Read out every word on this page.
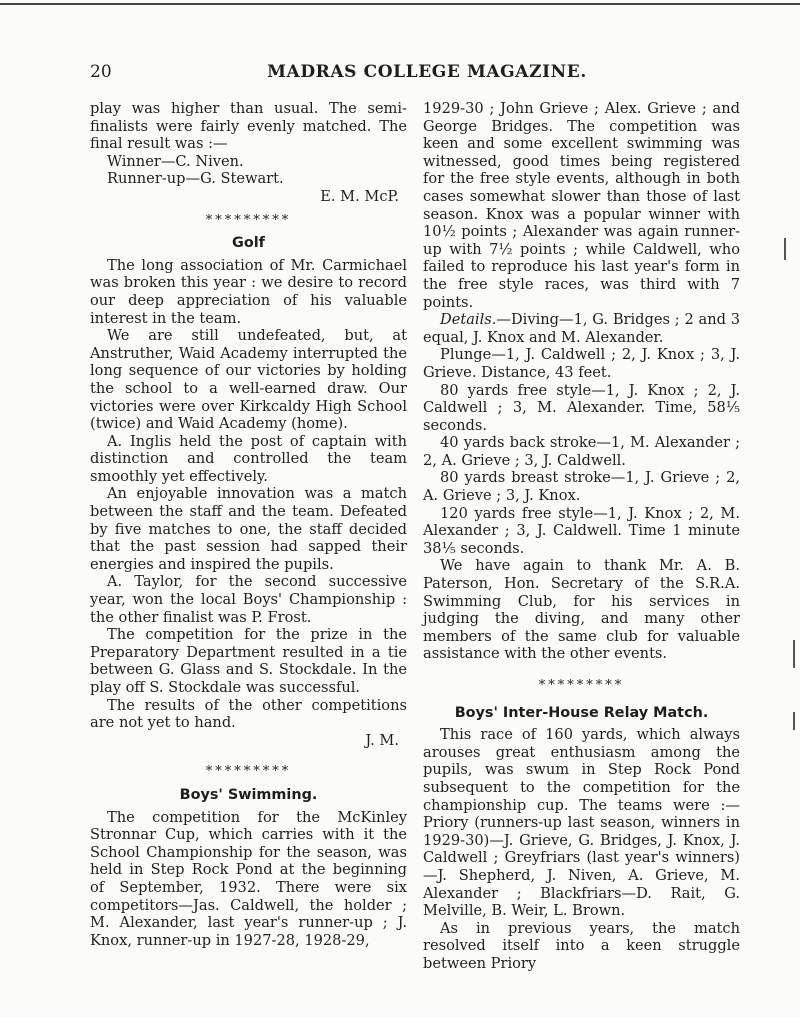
20	MADRAS COLLEGE MAGAZINE.

play was higher than usual. The semi-finalists were fairly evenly matched. The final result was :—

Winner—C. Niven.

Runner-up—G. Stewart.

E. M. McP.

*********
Golf

The long association of Mr. Carmichael was broken this year : we desire to record our deep appreciation of his valuable interest in the team.

We are still undefeated, but, at Anstruther, Waid Academy interrupted the long sequence of our victories by holding the school to a well-earned draw. Our victories were over Kirkcaldy High School (twice) and Waid Academy (home).

A. Inglis held the post of captain with distinction and controlled the team smoothly yet effectively.

An enjoyable innovation was a match between the staff and the team. Defeated by five matches to one, the staff decided that the past session had sapped their energies and inspired the pupils.

A. Taylor, for the second successive year, won the local Boys' Championship : the other finalist was P. Frost.

The competition for the prize in the Preparatory Department resulted in a tie between G. Glass and S. Stockdale. In the play off S. Stockdale was successful.

The results of the other competitions are not yet to hand.

J. M.

*********
Boys' Swimming.

The competition for the McKinley Stronnar Cup, which carries with it the School Championship for the season, was held in Step Rock Pond at the beginning of September, 1932. There were six competitors—Jas. Caldwell, the holder ; M. Alexander, last year's runner-up ; J. Knox, runner-up in 1927-28, 1928-29,

1929-30 ; John Grieve ; Alex. Grieve ; and George Bridges. The competition was keen and some excellent swimming was witnessed, good times being registered for the free style events, although in both cases somewhat slower than those of last season. Knox was a popular winner with 10½ points ; Alexander was again runner-up with 7½ points ; while Caldwell, who failed to reproduce his last year's form in the free style races, was third with 7 points.

Details.—Diving—1, G. Bridges ; 2 and 3 equal, J. Knox and M. Alexander.

Plunge—1, J. Caldwell ; 2, J. Knox ; 3, J. Grieve. Distance, 43 feet.

80 yards free style—1, J. Knox ; 2, J. Caldwell ; 3, M. Alexander. Time, 58⅕ seconds.

40 yards back stroke—1, M. Alexander ; 2, A. Grieve ; 3, J. Caldwell.

80 yards breast stroke—1, J. Grieve ; 2, A. Grieve ; 3, J. Knox.

120 yards free style—1, J. Knox ; 2, M. Alexander ; 3, J. Caldwell. Time 1 minute 38⅕ seconds.

We have again to thank Mr. A. B. Paterson, Hon. Secretary of the S.R.A. Swimming Club, for his services in judging the diving, and many other members of the same club for valuable assistance with the other events.

*********
Boys' Inter-House Relay Match.

This race of 160 yards, which always arouses great enthusiasm among the pupils, was swum in Step Rock Pond subsequent to the competition for the championship cup. The teams were :— Priory (runners-up last season, winners in 1929-30)—J. Grieve, G. Bridges, J. Knox, J. Caldwell ; Greyfriars (last year's winners)—J. Shepherd, J. Niven, A. Grieve, M. Alexander ; Blackfriars—D. Rait, G. Melville, B. Weir, L. Brown.

As in previous years, the match resolved itself into a keen struggle between Priory
